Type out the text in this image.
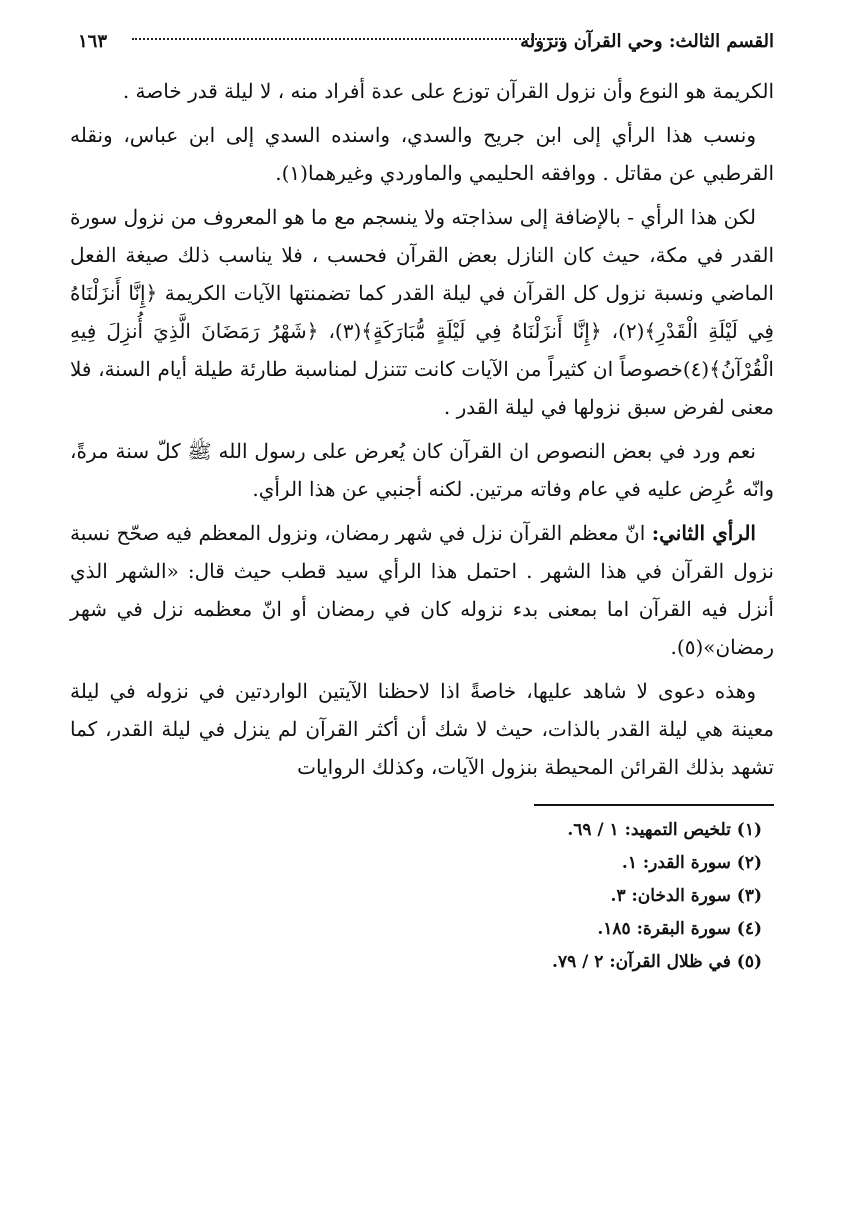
القسم الثالث: وحي القرآن ونزوله
١٦٣

الكريمة هو النوع وأن نزول القرآن توزع على عدة أفراد منه ، لا ليلة قدر خاصة .

ونسب هذا الرأي إلى ابن جريح والسدي، واسنده السدي إلى ابن عباس، ونقله القرطبي عن مقاتل . ووافقه الحليمي والماوردي وغيرهما(١).

لكن هذا الرأي - بالإضافة إلى سذاجته ولا ينسجم مع ما هو المعروف من نزول سورة القدر في مكة، حيث كان النازل بعض القرآن فحسب ، فلا يناسب ذلك صيغة الفعل الماضي ونسبة نزول كل القرآن في ليلة القدر كما تضمنتها الآيات الكريمة ﴿إِنَّا أَنزَلْنَاهُ فِي لَيْلَةِ الْقَدْرِ﴾(٢)، ﴿إِنَّا أَنزَلْنَاهُ فِي لَيْلَةٍ مُّبَارَكَةٍ﴾(٣)، ﴿شَهْرُ رَمَضَانَ الَّذِيَ أُنزِلَ فِيهِ الْقُرْآنُ﴾(٤)خصوصاً ان كثيراً من الآيات كانت تتنزل لمناسبة طارئة طيلة أيام السنة، فلا معنى لفرض سبق نزولها في ليلة القدر .

نعم ورد في بعض النصوص ان القرآن كان يُعرض على رسول الله ﷺ كلّ سنة مرةً، وانّه عُرِض عليه في عام وفاته مرتين. لكنه أجنبي عن هذا الرأي.

الرأي الثاني: انّ معظم القرآن نزل في شهر رمضان، ونزول المعظم فيه صحّح نسبة نزول القرآن في هذا الشهر . احتمل هذا الرأي سيد قطب حيث قال: «الشهر الذي أنزل فيه القرآن اما بمعنى بدء نزوله كان في رمضان أو انّ معظمه نزل في شهر رمضان»(٥).

وهذه دعوى لا شاهد عليها، خاصةً اذا لاحظنا الآيتين الواردتين في نزوله في ليلة معينة هي ليلة القدر بالذات، حيث لا شك أن أكثر القرآن لم ينزل في ليلة القدر، كما تشهد بذلك القرائن المحيطة بنزول الآيات، وكذلك الروايات

(١) تلخيص التمهيد: ١ / ٦٩.

(٢) سورة القدر: ١.

(٣) سورة الدخان: ٣.

(٤) سورة البقرة: ١٨٥.

(٥) في ظلال القرآن: ٢ / ٧٩.
